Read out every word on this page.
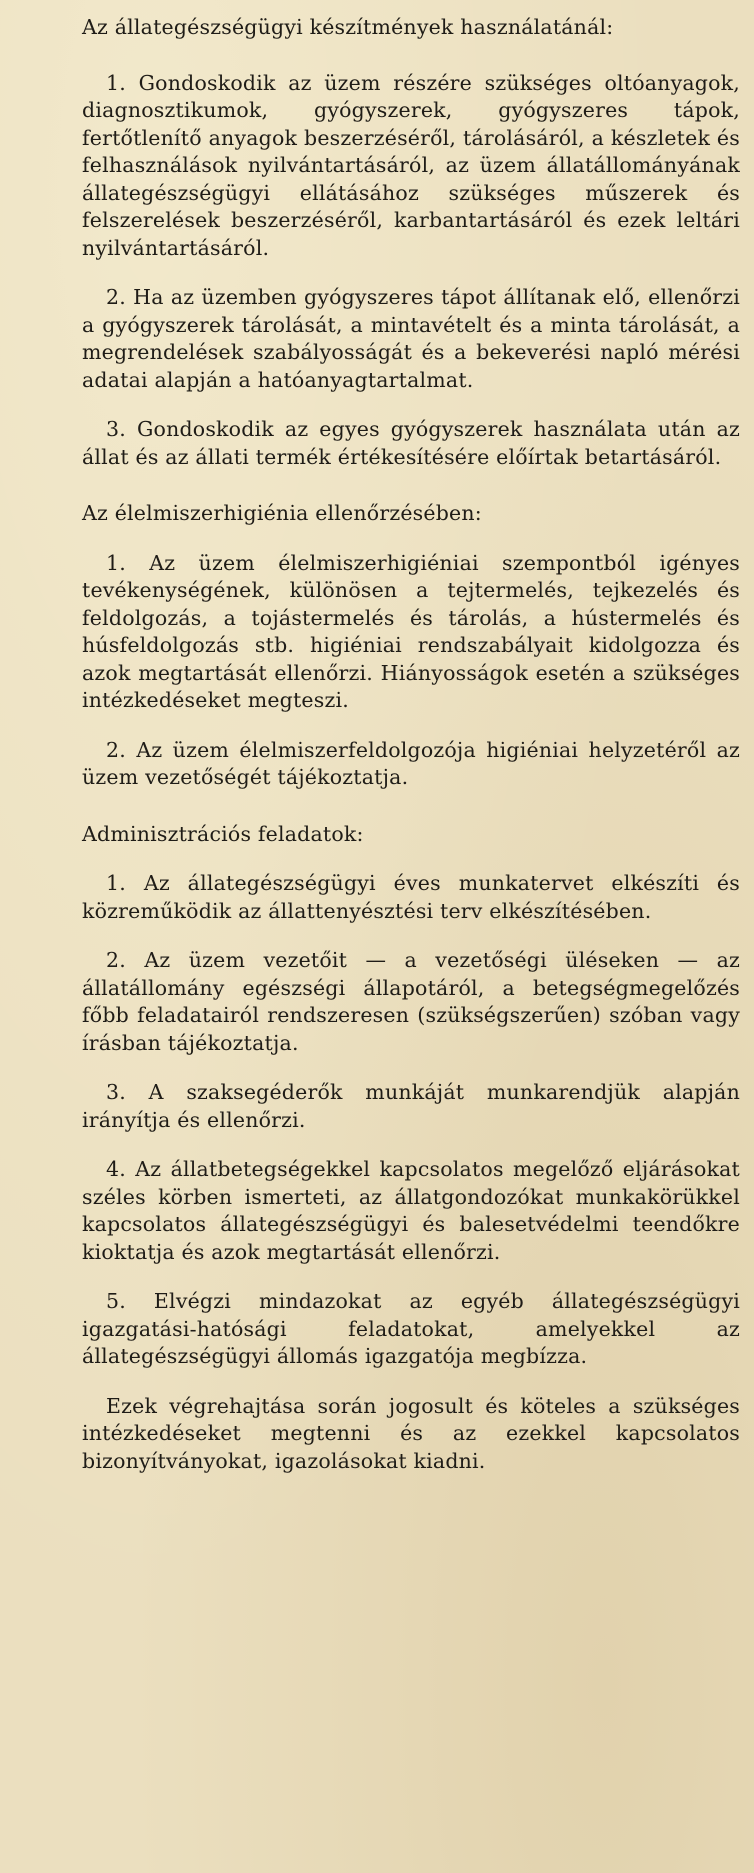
Az állategészségügyi készítmények használatánál:

1. Gondoskodik az üzem részére szükséges oltóanyagok, diagnosztikumok, gyógyszerek, gyógyszeres tápok, fertőtlenítő anyagok beszerzéséről, tárolásáról, a készletek és felhasználások nyilvántartásáról, az üzem állatállományának állategészségügyi ellátásához szükséges műszerek és felszerelések beszerzéséről, karbantartásáról és ezek leltári nyilvántartásáról.

2. Ha az üzemben gyógyszeres tápot állítanak elő, ellenőrzi a gyógyszerek tárolását, a mintavételt és a minta tárolását, a megrendelések szabályosságát és a bekeverési napló mérési adatai alapján a hatóanyagtartalmat.

3. Gondoskodik az egyes gyógyszerek használata után az állat és az állati termék értékesítésére előírtak betartásáról.

Az élelmiszerhigiénia ellenőrzésében:

1. Az üzem élelmiszerhigiéniai szempontból igényes tevékenységének, különösen a tejtermelés, tejkezelés és feldolgozás, a tojástermelés és tárolás, a hústermelés és húsfeldolgozás stb. higiéniai rendszabályait kidolgozza és azok megtartását ellenőrzi. Hiányosságok esetén a szükséges intézkedéseket megteszi.

2. Az üzem élelmiszerfeldolgozója higiéniai helyzetéről az üzem vezetőségét tájékoztatja.

Adminisztrációs feladatok:

1. Az állategészségügyi éves munkatervet elkészíti és közreműködik az állattenyésztési terv elkészítésében.

2. Az üzem vezetőit — a vezetőségi üléseken — az állatállomány egészségi állapotáról, a betegségmegelőzés főbb feladatairól rendszeresen (szükségszerűen) szóban vagy írásban tájékoztatja.

3. A szaksegéderők munkáját munkarendjük alapján irányítja és ellenőrzi.

4. Az állatbetegségekkel kapcsolatos megelőző eljárásokat széles körben ismerteti, az állatgondozókat munkakörükkel kapcsolatos állategészségügyi és balesetvédelmi teendőkre kioktatja és azok megtartását ellenőrzi.

5. Elvégzi mindazokat az egyéb állategészségügyi igazgatási-hatósági feladatokat, amelyekkel az állategészségügyi állomás igazgatója megbízza.

Ezek végrehajtása során jogosult és köteles a szükséges intézkedéseket megtenni és az ezekkel kapcsolatos bizonyítványokat, igazolásokat kiadni.
